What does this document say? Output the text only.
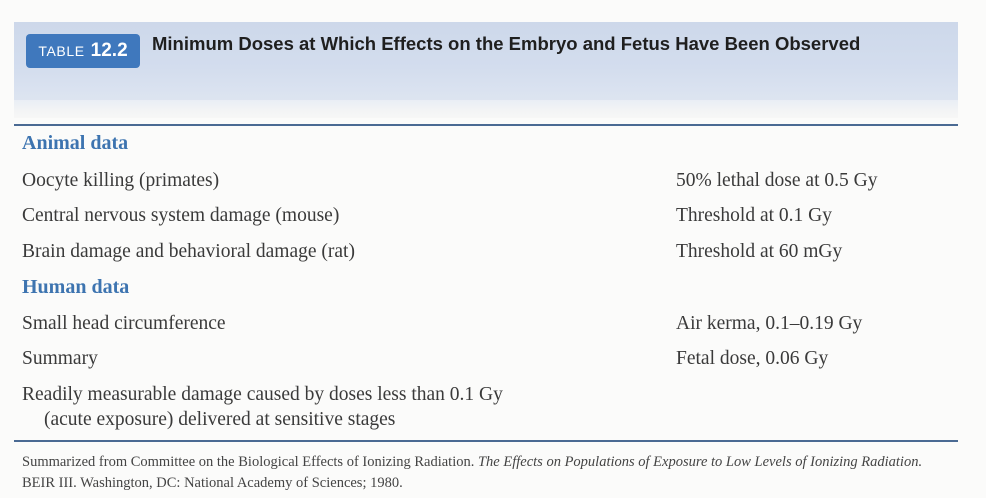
TABLE 12.2 Minimum Doses at Which Effects on the Embryo and Fetus Have Been Observed
Animal data
Oocyte killing (primates)	50% lethal dose at 0.5 Gy
Central nervous system damage (mouse)	Threshold at 0.1 Gy
Brain damage and behavioral damage (rat)	Threshold at 60 mGy
Human data
Small head circumference	Air kerma, 0.1–0.19 Gy
Summary	Fetal dose, 0.06 Gy
Readily measurable damage caused by doses less than 0.1 Gy
(acute exposure) delivered at sensitive stages
Summarized from Committee on the Biological Effects of Ionizing Radiation. The Effects on Populations of Exposure to Low Levels of Ionizing Radiation. BEIR III. Washington, DC: National Academy of Sciences; 1980.
